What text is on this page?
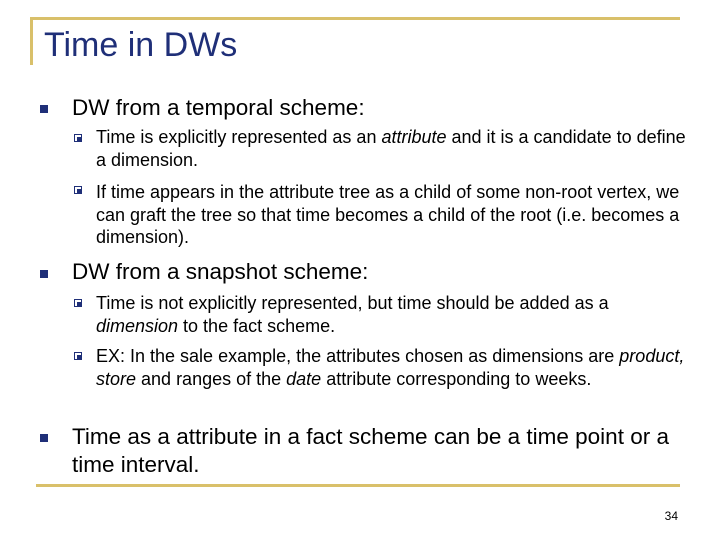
Time in DWs
DW from a temporal scheme:
Time is explicitly represented as an attribute and it is a candidate to define a dimension.
If time appears in the attribute tree as a child of some non-root vertex, we can graft the tree so that time becomes a child of the root (i.e. becomes a dimension).
DW from a snapshot scheme:
Time is not explicitly represented, but time should be added as a dimension to the fact scheme.
EX: In the sale example, the attributes chosen as dimensions are product, store and ranges of the date attribute corresponding to weeks.
Time as a attribute in a fact scheme can be a time point or a time interval.
34
